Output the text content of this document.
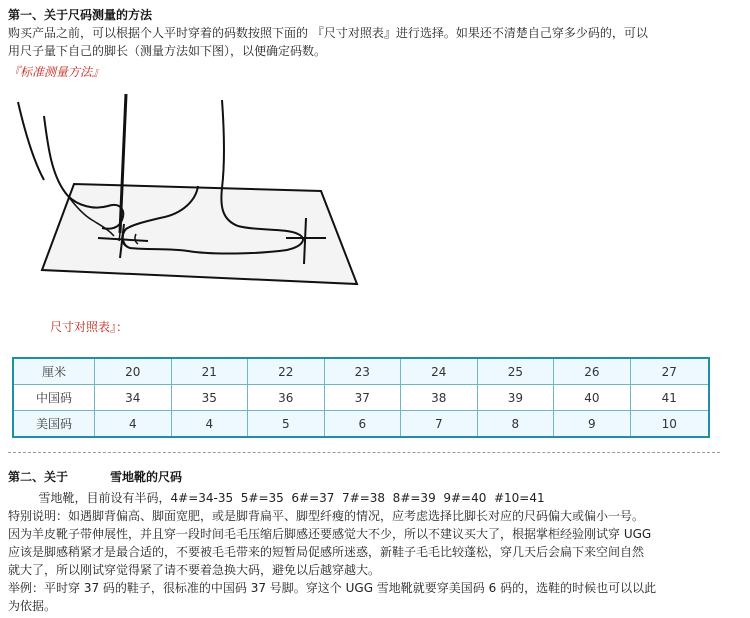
第一、关于尺码测量的方法
购买产品之前，可以根据个人平时穿着的码数按照下面的 『尺寸对照表』进行选择。如果还不清楚自己穿多少码的，可以
用尺子量下自己的脚长（测量方法如下图），以便确定码数。
『标准测量方法』
尺寸对照表』：
厘米	20	21	22	23	24	25	26	27
中国码	34	35	36	37	38	39	40	41
美国码	4	4	5	6	7	8	9	10
第二、关于	雪地靴的尺码
雪地靴，目前设有半码，4#=34-35  5#=35  6#=37  7#=38  8#=39  9#=40  #10=41
特别说明：如遇脚背偏高、脚面宽肥，或是脚背扁平、脚型纤瘦的情况，应考虑选择比脚长对应的尺码偏大或偏小一号。
因为羊皮靴子带伸展性，并且穿一段时间毛毛压缩后脚感还要感觉大不少，所以不建议买大了，根据掌柜经验刚试穿 UGG
应该是脚感稍紧才是最合适的，不要被毛毛带来的短暂局促感所迷惑，新鞋子毛毛比较蓬松，穿几天后会扁下来空间自然
就大了，所以刚试穿觉得紧了请不要着急换大码，避免以后越穿越大。
举例：平时穿 37 码的鞋子，很标准的中国码 37 号脚。穿这个 UGG 雪地靴就要穿美国码 6 码的，选鞋的时候也可以以此
为依据。
